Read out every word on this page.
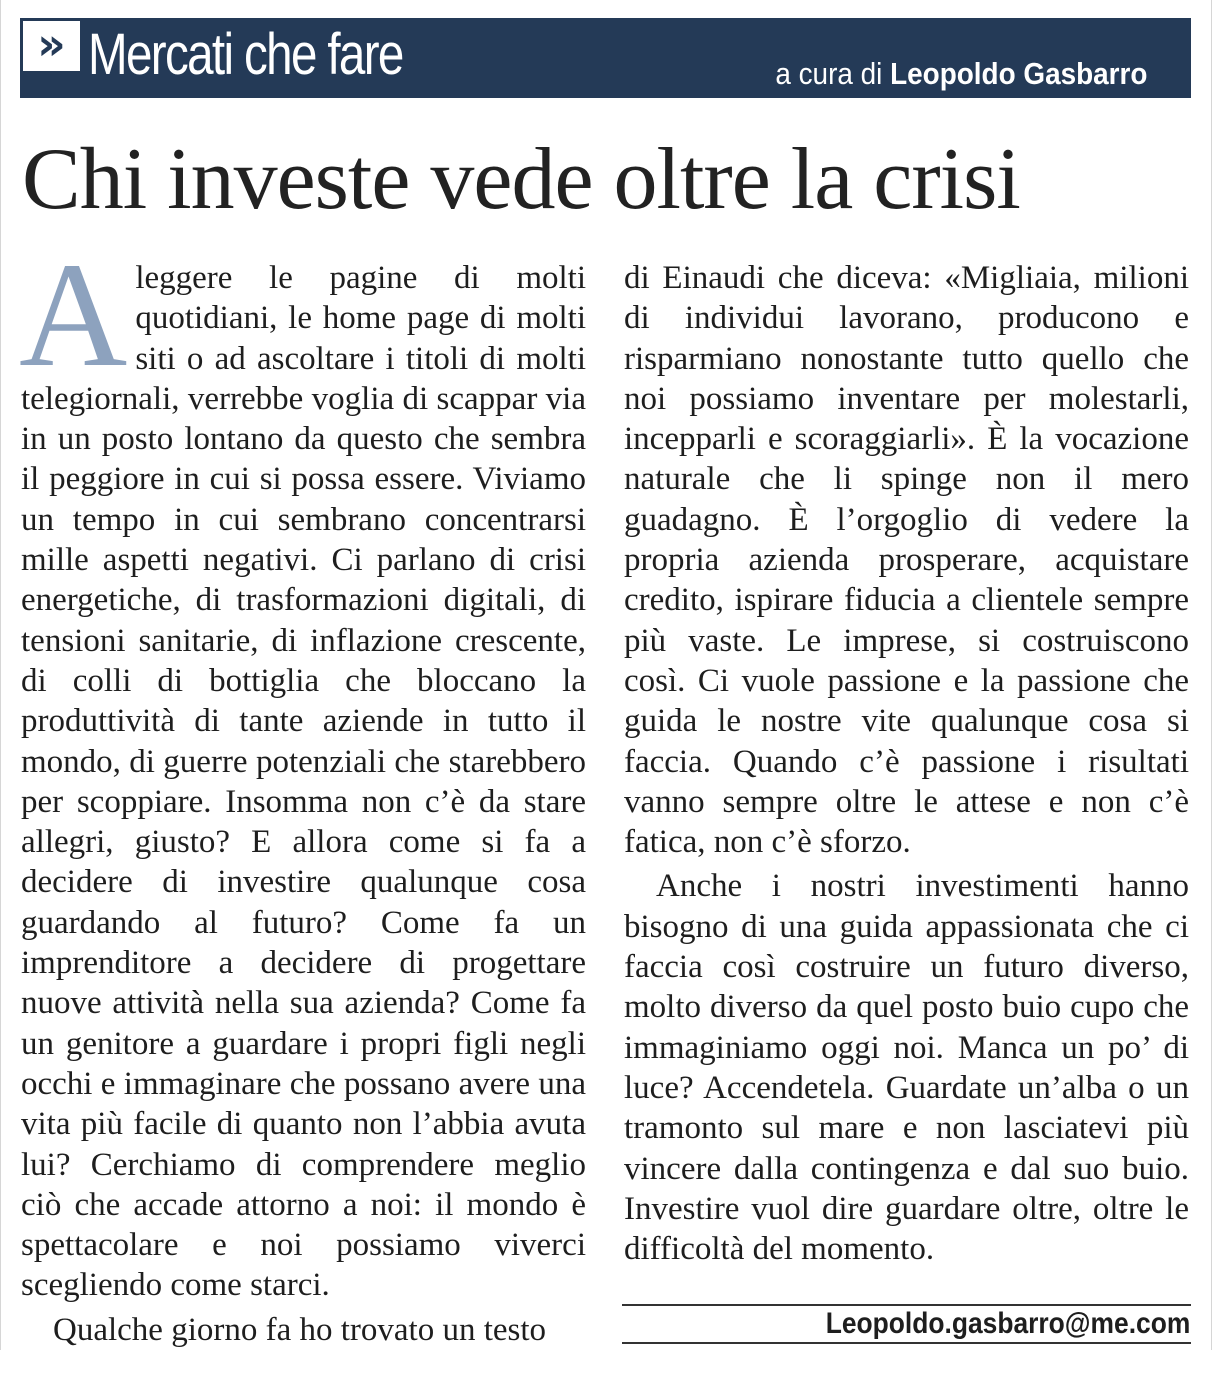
» Mercati che fare	a cura di Leopoldo Gasbarro
Chi investe vede oltre la crisi

A leggere le pagine di molti quotidiani, le home page di molti siti o ad ascoltare i titoli di molti telegiornali, verrebbe voglia di scappar via in un posto lontano da questo che sembra il peggiore in cui si possa essere. Viviamo un tempo in cui sembrano concentrarsi mille aspetti negativi. Ci parlano di crisi energetiche, di trasformazioni digitali, di tensioni sanitarie, di inflazione crescente, di colli di bottiglia che bloccano la produttività di tante aziende in tutto il mondo, di guerre potenziali che starebbero per scoppiare. Insomma non c’è da stare allegri, giusto? E allora come si fa a decidere di investire qualunque cosa guardando al futuro? Come fa un imprenditore a decidere di progettare nuove attività nella sua azienda? Come fa un genitore a guardare i propri figli negli occhi e immaginare che possano avere una vita più facile di quanto non l’abbia avuta lui? Cerchiamo di comprendere meglio ciò che accade attorno a noi: il mondo è spettacolare e noi possiamo viverci scegliendo come starci.

Qualche giorno fa ho trovato un testo

di Einaudi che diceva: «Migliaia, milioni di individui lavorano, producono e risparmiano nonostante tutto quello che noi possiamo inventare per molestarli, incepparli e scoraggiarli». È la vocazione naturale che li spinge non il mero guadagno. È l’orgoglio di vedere la propria azienda prosperare, acquistare credito, ispirare fiducia a clientele sempre più vaste. Le imprese, si costruiscono così. Ci vuole passione e la passione che guida le nostre vite qualunque cosa si faccia. Quando c’è passione i risultati vanno sempre oltre le attese e non c’è fatica, non c’è sforzo.

Anche i nostri investimenti hanno bisogno di una guida appassionata che ci faccia così costruire un futuro diverso, molto diverso da quel posto buio cupo che immaginiamo oggi noi. Manca un po’ di luce? Accendetela. Guardate un’alba o un tramonto sul mare e non lasciatevi più vincere dalla contingenza e dal suo buio. Investire vuol dire guardare oltre, oltre le difficoltà del momento.

Leopoldo.gasbarro@me.com
